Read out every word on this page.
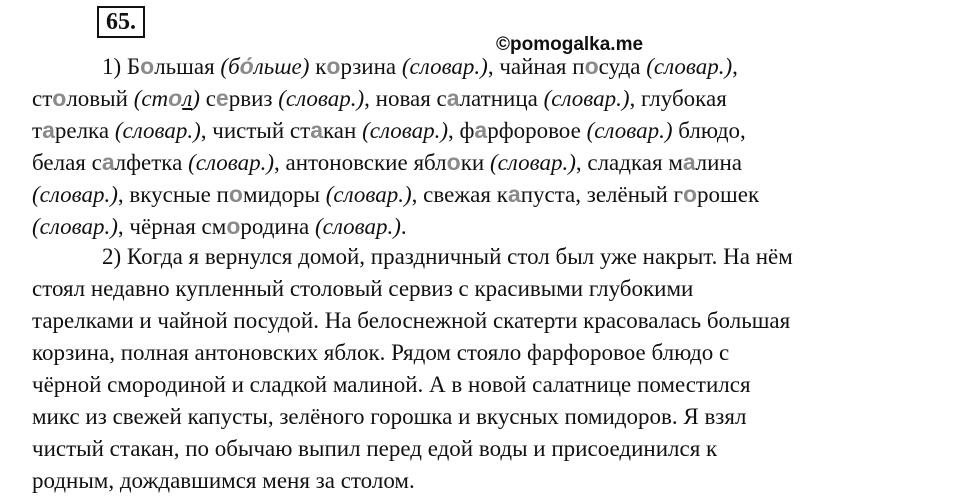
65.
©pomogalka.me
1) Большая (бо́льше) корзина (словар.), чайная посуда (словар.),
столовый (стол) сервиз (словар.), новая салатница (словар.), глубокая
тарелка (словар.), чистый стакан (словар.), фарфоровое (словар.) блюдо,
белая салфетка (словар.), антоновские яблоки (словар.), сладкая малина
(словар.), вкусные помидоры (словар.), свежая капуста, зелёный горошек
(словар.), чёрная смородина (словар.).
2) Когда я вернулся домой, праздничный стол был уже накрыт. На нём
стоял недавно купленный столовый сервиз с красивыми глубокими
тарелками и чайной посудой. На белоснежной скатерти красовалась большая
корзина, полная антоновских яблок. Рядом стояло фарфоровое блюдо с
чёрной смородиной и сладкой малиной. А в новой салатнице поместился
микс из свежей капусты, зелёного горошка и вкусных помидоров. Я взял
чистый стакан, по обычаю выпил перед едой воды и присоединился к
родным, дождавшимся меня за столом.
